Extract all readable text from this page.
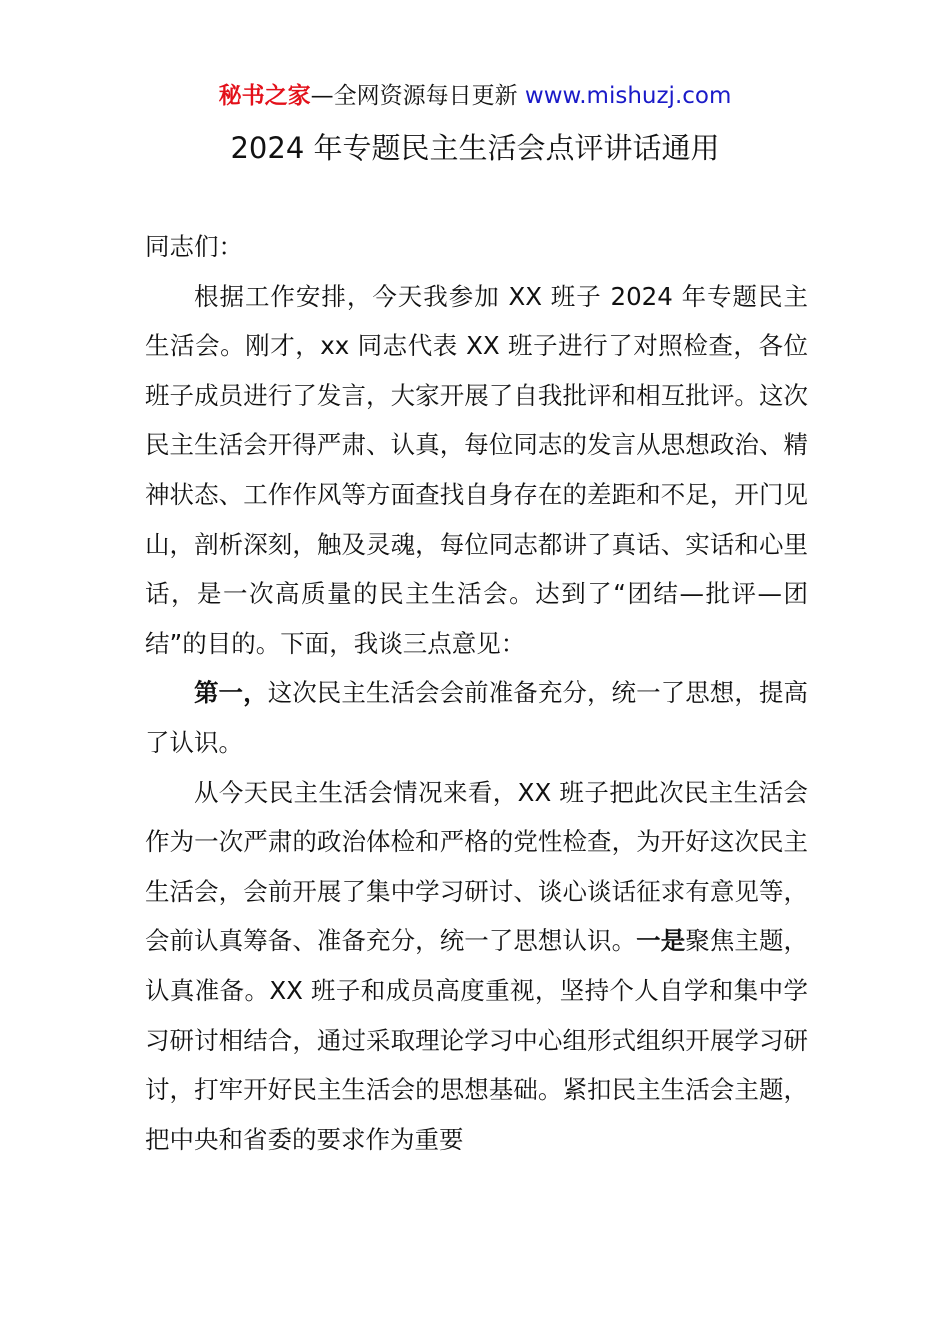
秘书之家—全网资源每日更新 www.mishuzj.com
2024 年专题民主生活会点评讲话通用

同志们：

根据工作安排，今天我参加 XX 班子 2024 年专题民主生活会。刚才，xx 同志代表 XX 班子进行了对照检查，各位班子成员进行了发言，大家开展了自我批评和相互批评。这次民主生活会开得严肃、认真，每位同志的发言从思想政治、精神状态、工作作风等方面查找自身存在的差距和不足，开门见山，剖析深刻，触及灵魂，每位同志都讲了真话、实话和心里话，是一次高质量的民主生活会。达到了“团结—批评—团结”的目的。下面，我谈三点意见：

第一，这次民主生活会会前准备充分，统一了思想，提高了认识。

从今天民主生活会情况来看，XX 班子把此次民主生活会作为一次严肃的政治体检和严格的党性检查，为开好这次民主生活会，会前开展了集中学习研讨、谈心谈话征求有意见等，会前认真筹备、准备充分，统一了思想认识。一是聚焦主题，认真准备。XX 班子和成员高度重视，坚持个人自学和集中学习研讨相结合，通过采取理论学习中心组形式组织开展学习研讨，打牢开好民主生活会的思想基础。紧扣民主生活会主题，把中央和省委的要求作为重要
